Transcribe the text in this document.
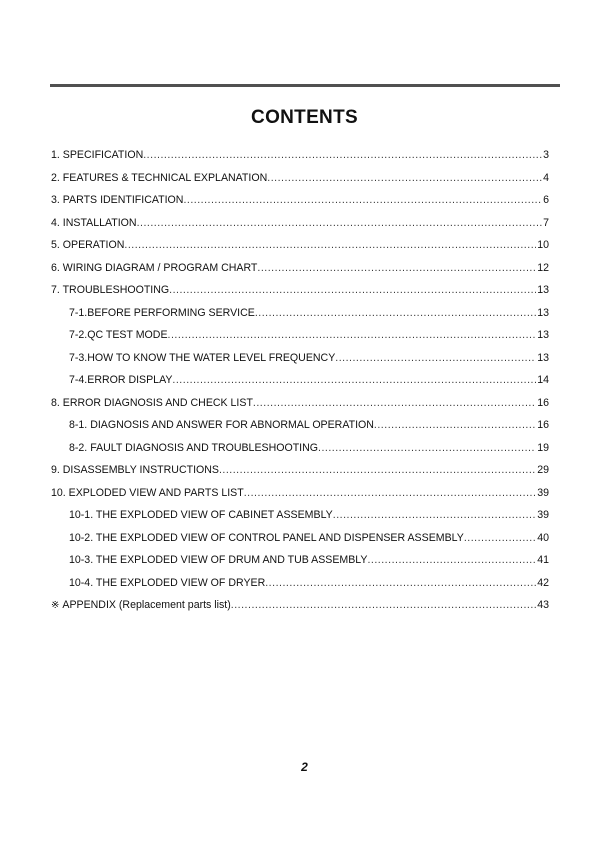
CONTENTS
1. SPECIFICATION .....	3
2. FEATURES & TECHNICAL EXPLANATION .....	4
3. PARTS IDENTIFICATION .....	6
4. INSTALLATION .....	7
5. OPERATION .....	10
6. WIRING DIAGRAM / PROGRAM CHART .....	12
7. TROUBLESHOOTING .....	13
7-1.BEFORE PERFORMING SERVICE .....	13
7-2.QC TEST MODE .....	13
7-3.HOW TO KNOW THE WATER LEVEL FREQUENCY .....	13
7-4.ERROR DISPLAY .....	14
8. ERROR DIAGNOSIS AND CHECK LIST .....	16
8-1. DIAGNOSIS AND ANSWER FOR ABNORMAL OPERATION .....	16
8-2. FAULT DIAGNOSIS AND TROUBLESHOOTING .....	19
9. DISASSEMBLY INSTRUCTIONS .....	29
10. EXPLODED VIEW AND PARTS LIST .....	39
10-1. THE EXPLODED VIEW OF CABINET ASSEMBLY .....	39
10-2. THE EXPLODED VIEW OF CONTROL PANEL AND DISPENSER ASSEMBLY .....	40
10-3. THE EXPLODED VIEW OF DRUM AND TUB ASSEMBLY .....	41
10-4. THE EXPLODED VIEW OF DRYER .....	42
※ APPENDIX (Replacement parts list) .....	43
2
